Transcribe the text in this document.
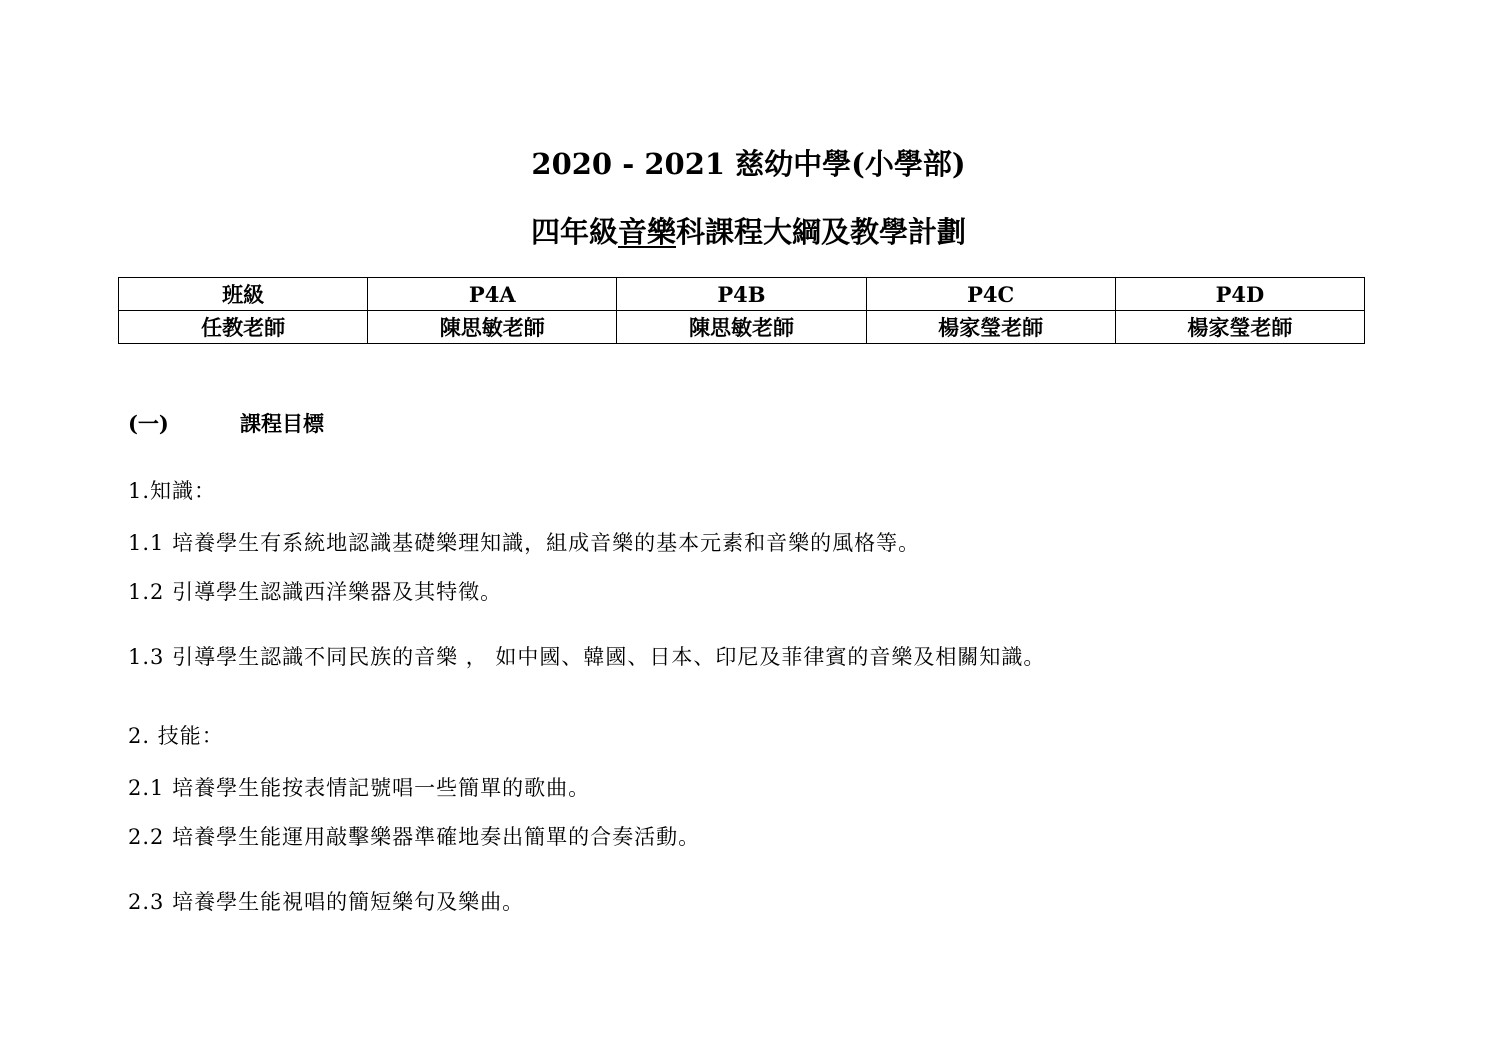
2020 - 2021 慈幼中學(小學部)
四年級音樂科課程大綱及教學計劃
班級	P4A	P4B	P4C	P4D
任教老師	陳思敏老師	陳思敏老師	楊家瑩老師	楊家瑩老師
(一)	課程目標
1.知識：
1.1 培養學生有系統地認識基礎樂理知識，組成音樂的基本元素和音樂的風格等。
1.2 引導學生認識西洋樂器及其特徵。
1.3 引導學生認識不同民族的音樂 ， 如中國、韓國、日本、印尼及菲律賓的音樂及相關知識。
2. 技能：
2.1 培養學生能按表情記號唱一些簡單的歌曲。
2.2 培養學生能運用敲擊樂器準確地奏出簡單的合奏活動。
2.3 培養學生能視唱的簡短樂句及樂曲。
